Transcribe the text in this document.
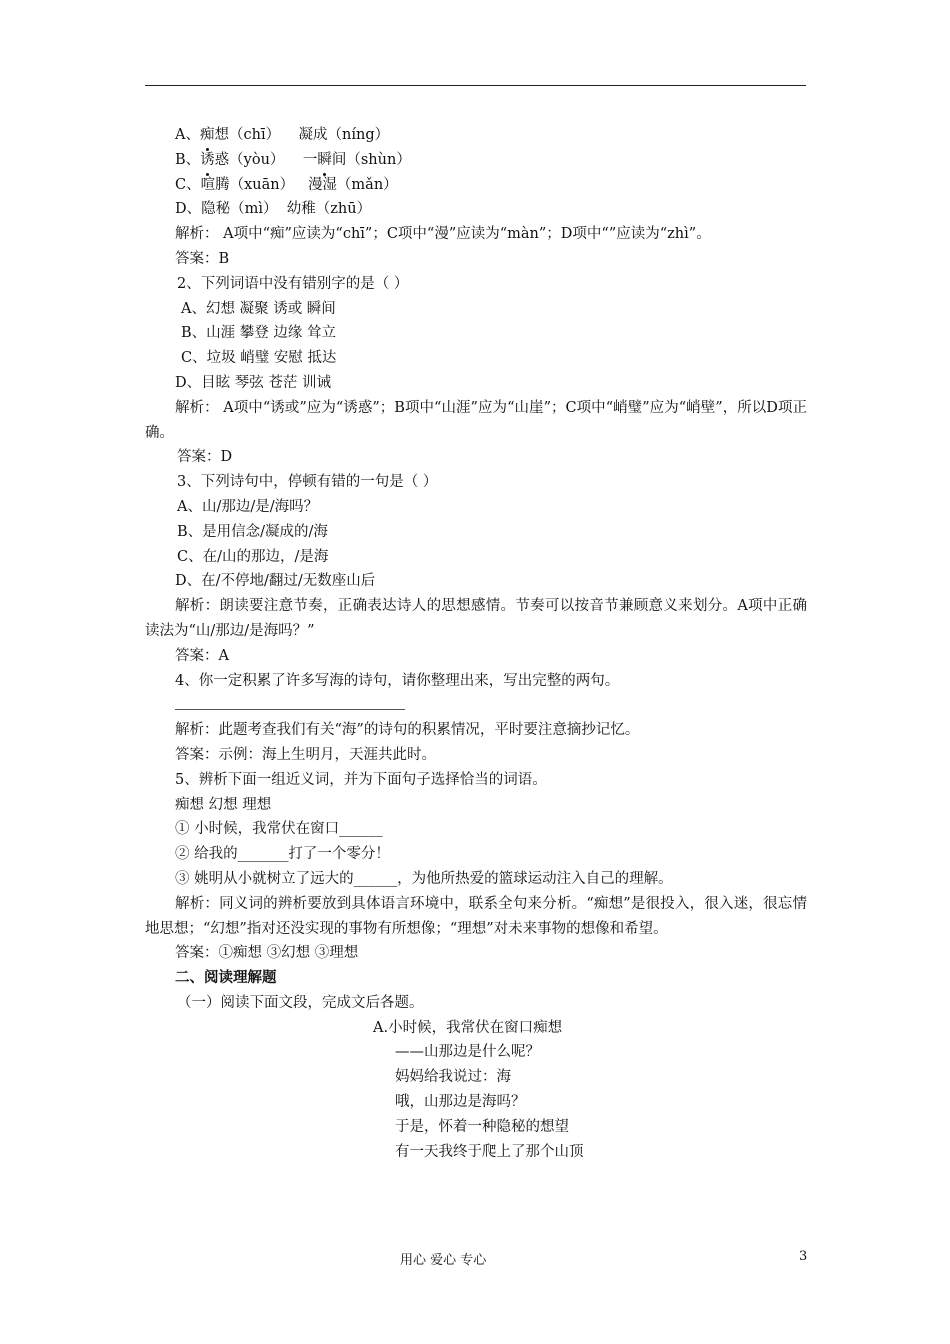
A、痴想（chī）    凝成（níng）
B、诱惑（yòu）    一瞬间（shùn）
C、喧腾（xuān） 漫湿（mǎn）
D、隐秘（mì） 幼稚（zhū）
解析： A项中“痴”应读为“chī”；C项中“漫”应读为“màn”；D项中“”应读为“zhì”。
答案：B
2、下列词语中没有错别字的是（ ）
A、幻想 凝聚 诱或 瞬间
B、山涯 攀登 边缘 耸立
C、垃圾 峭璧 安慰 抵达
D、目眩 琴弦 苍茫 训诫
解析： A项中“诱或”应为“诱惑”；B项中“山涯”应为“山崖”；C项中“峭璧”应为“峭壁”，所以D项正确。
答案：D
3、下列诗句中，停顿有错的一句是（ ）
A、山/那边/是/海吗？
B、是用信念/凝成的/海
C、在/山的那边，/是海
D、在/不停地/翻过/无数座山后
解析：朗读要注意节奏，正确表达诗人的思想感情。节奏可以按音节兼顾意义来划分。A项中正确读法为“山/那边/是海吗？”
答案：A
4、你一定积累了许多写海的诗句，请你整理出来，写出完整的两句。
解析：此题考查我们有关“海”的诗句的积累情况，平时要注意摘抄记忆。
答案：示例：海上生明月，天涯共此时。
5、辨析下面一组近义词，并为下面句子选择恰当的词语。
痴想 幻想 理想
① 小时候，我常伏在窗口______
② 给我的_______打了一个零分！
③ 姚明从小就树立了远大的______，为他所热爱的篮球运动注入自己的理解。
解析：同义词的辨析要放到具体语言环境中，联系全句来分析。“痴想”是很投入，很入迷，很忘情地思想；“幻想”指对还没实现的事物有所想像；“理想”对未来事物的想像和希望。
答案：①痴想 ③幻想 ③理想
二、阅读理解题
（一）阅读下面文段，完成文后各题。
A.小时候，我常伏在窗口痴想
——山那边是什么呢？
妈妈给我说过：海
哦，山那边是海吗？
于是，怀着一种隐秘的想望
有一天我终于爬上了那个山顶
用心 爱心 专心	3
